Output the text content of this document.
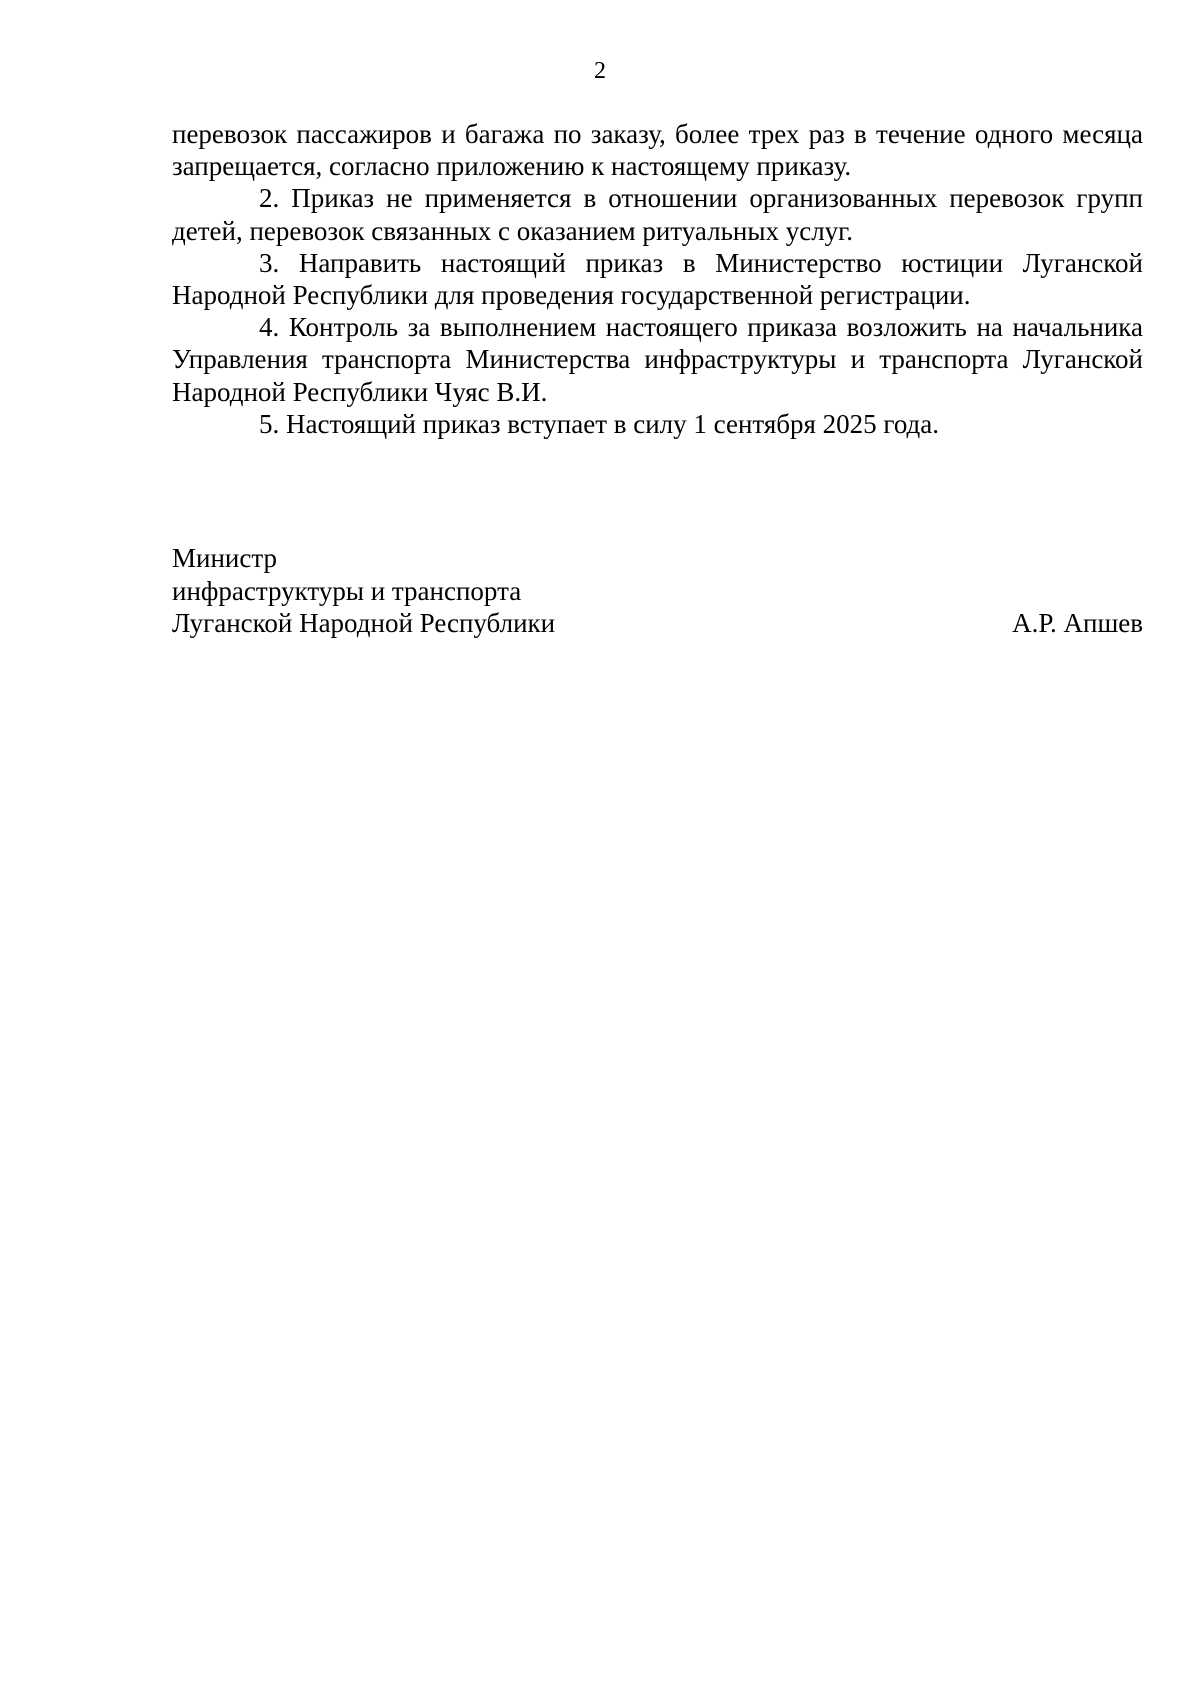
2

перевозок пассажиров и багажа по заказу, более трех раз в течение одного месяца запрещается, согласно приложению к настоящему приказу.

2. Приказ не применяется в отношении организованных перевозок групп детей, перевозок связанных с оказанием ритуальных услуг.

3. Направить настоящий приказ в Министерство юстиции Луганской Народной Республики для проведения государственной регистрации.

4. Контроль за выполнением настоящего приказа возложить на начальника Управления транспорта Министерства инфраструктуры и транспорта Луганской Народной Республики Чуяс В.И.

5. Настоящий приказ вступает в силу 1 сентября 2025 года.

Министр
инфраструктуры и транспорта
Луганской Народной Республики	А.Р. Апшев
